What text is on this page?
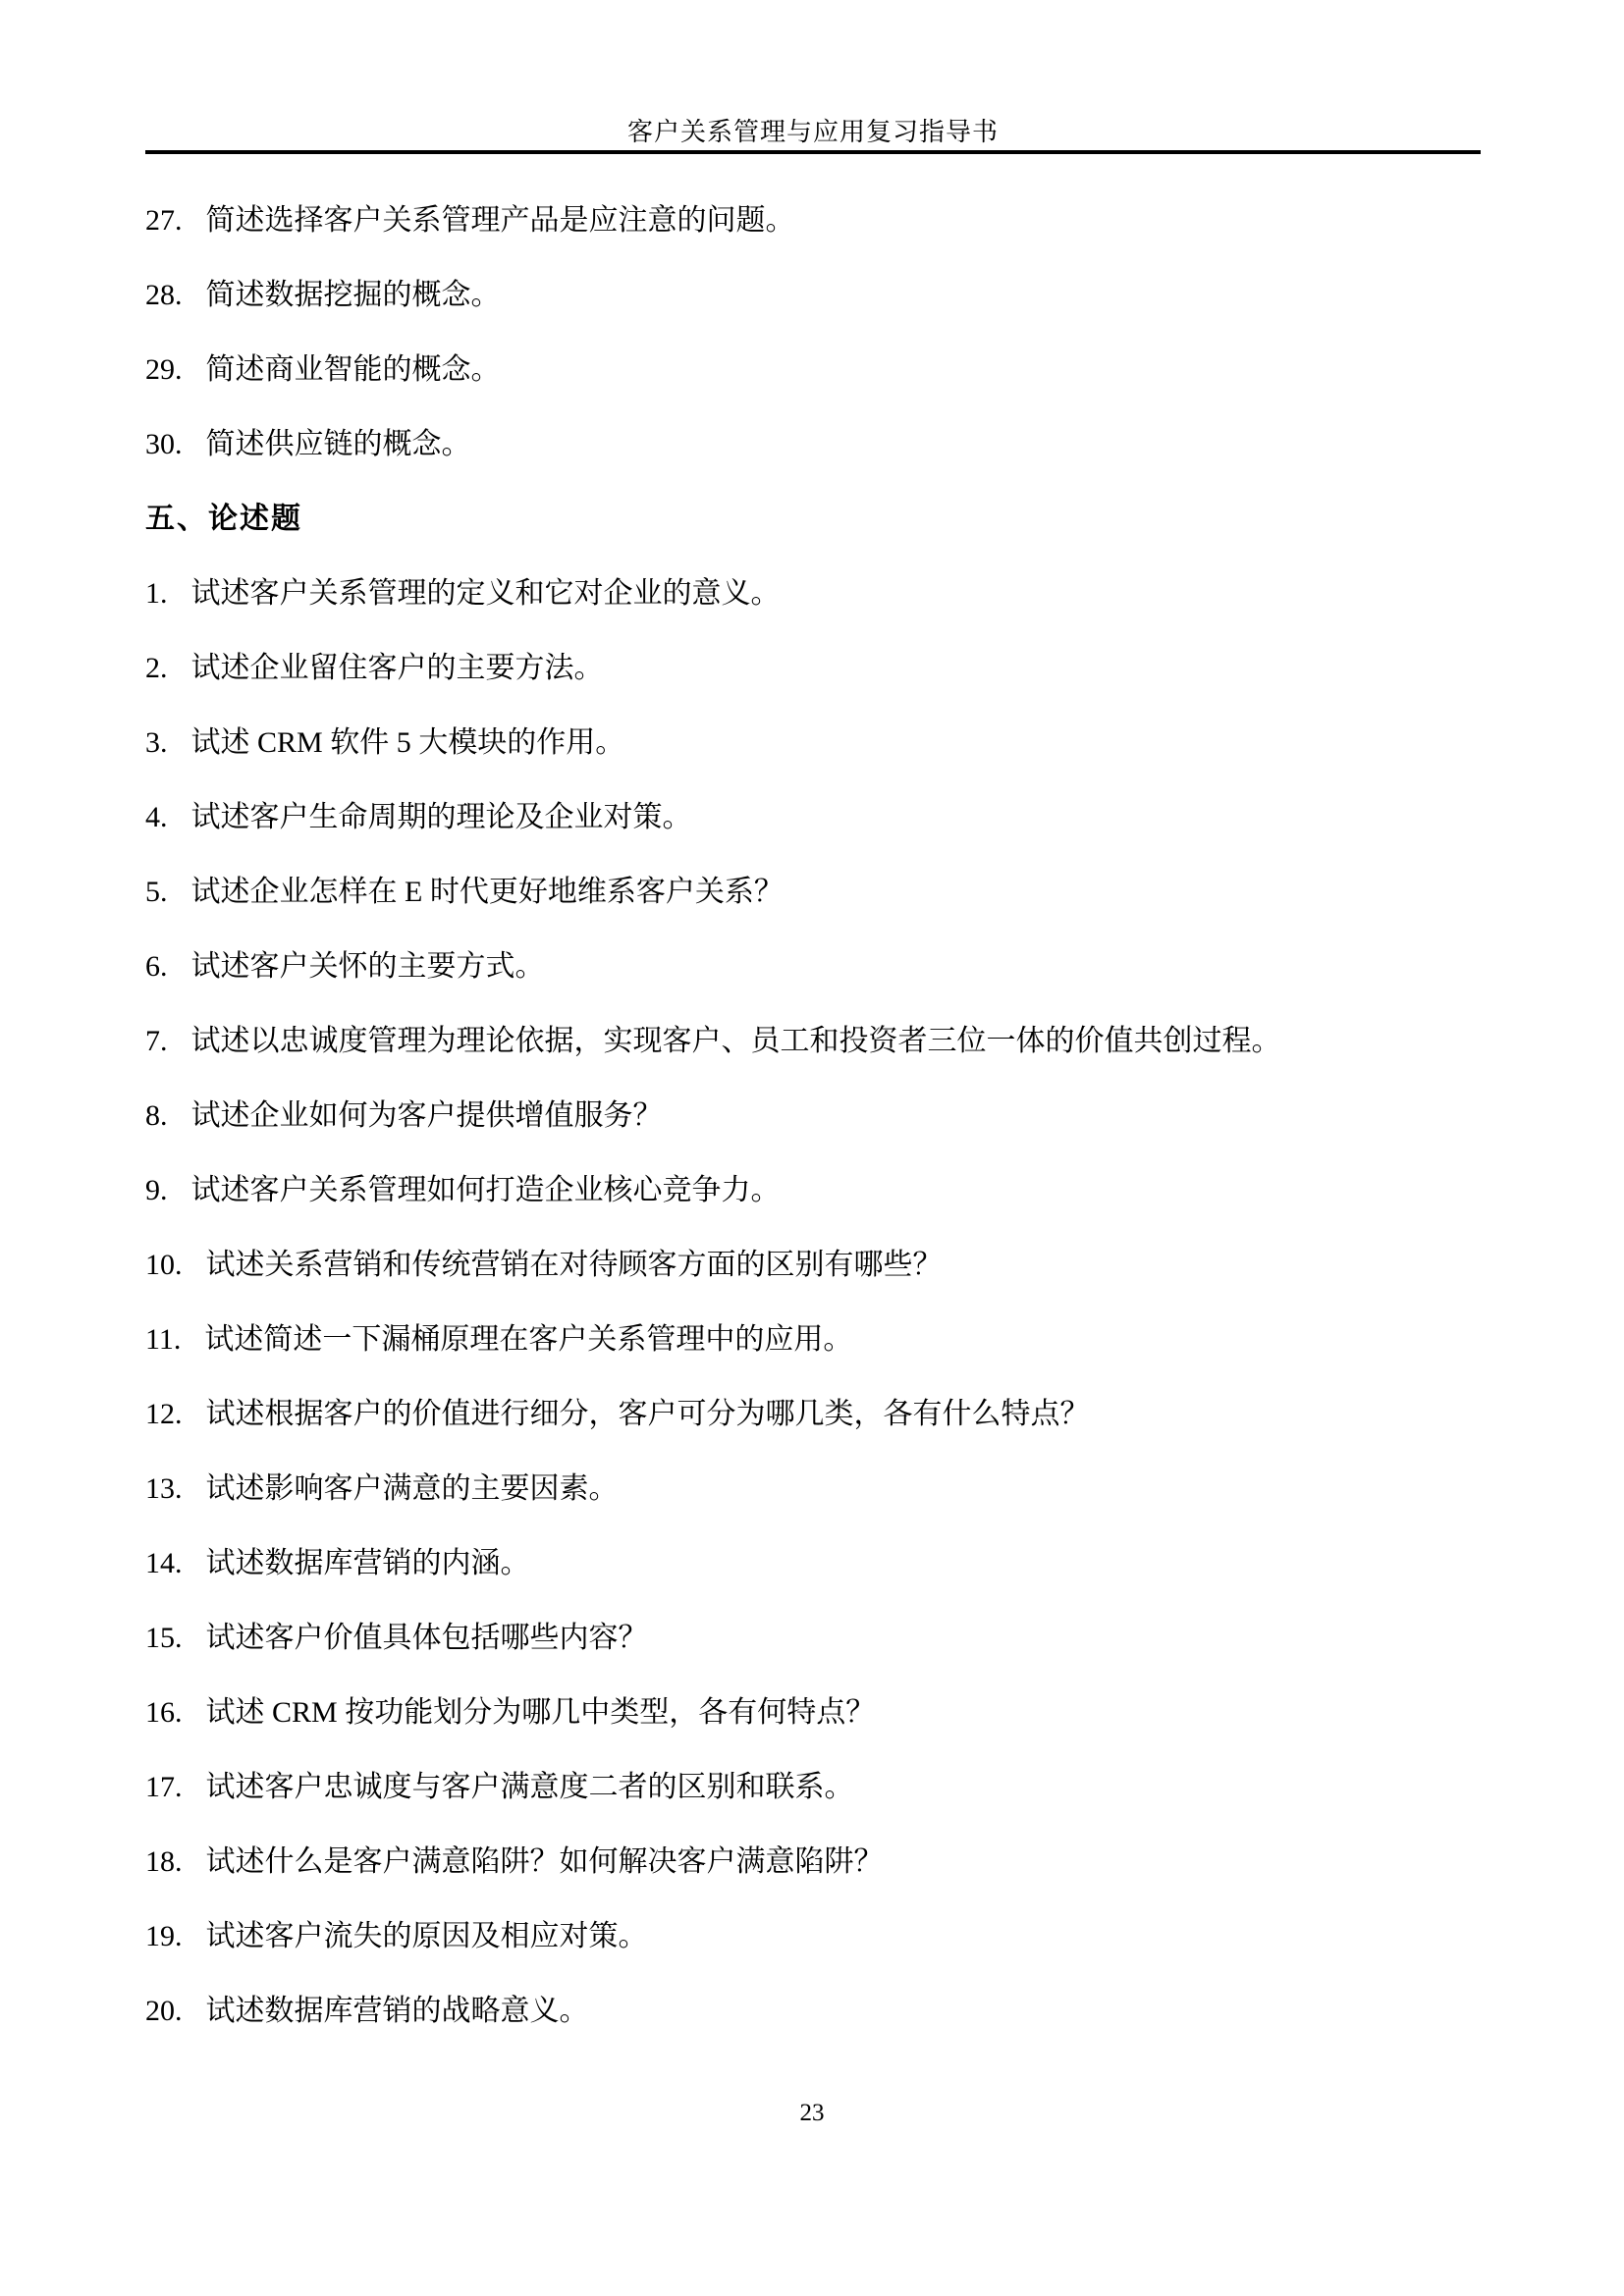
客户关系管理与应用复习指导书

27. 简述选择客户关系管理产品是应注意的问题。

28. 简述数据挖掘的概念。

29. 简述商业智能的概念。

30. 简述供应链的概念。

五、论述题

1. 试述客户关系管理的定义和它对企业的意义。

2. 试述企业留住客户的主要方法。

3. 试述 CRM 软件 5 大模块的作用。

4. 试述客户生命周期的理论及企业对策。

5. 试述企业怎样在 E 时代更好地维系客户关系？

6. 试述客户关怀的主要方式。

7. 试述以忠诚度管理为理论依据，实现客户、员工和投资者三位一体的价值共创过程。

8. 试述企业如何为客户提供增值服务？

9. 试述客户关系管理如何打造企业核心竞争力。

10. 试述关系营销和传统营销在对待顾客方面的区别有哪些？

11. 试述简述一下漏桶原理在客户关系管理中的应用。

12. 试述根据客户的价值进行细分，客户可分为哪几类，各有什么特点？

13. 试述影响客户满意的主要因素。

14. 试述数据库营销的内涵。

15. 试述客户价值具体包括哪些内容？

16. 试述 CRM 按功能划分为哪几中类型，各有何特点？

17. 试述客户忠诚度与客户满意度二者的区别和联系。

18. 试述什么是客户满意陷阱？如何解决客户满意陷阱？

19. 试述客户流失的原因及相应对策。

20. 试述数据库营销的战略意义。

23
